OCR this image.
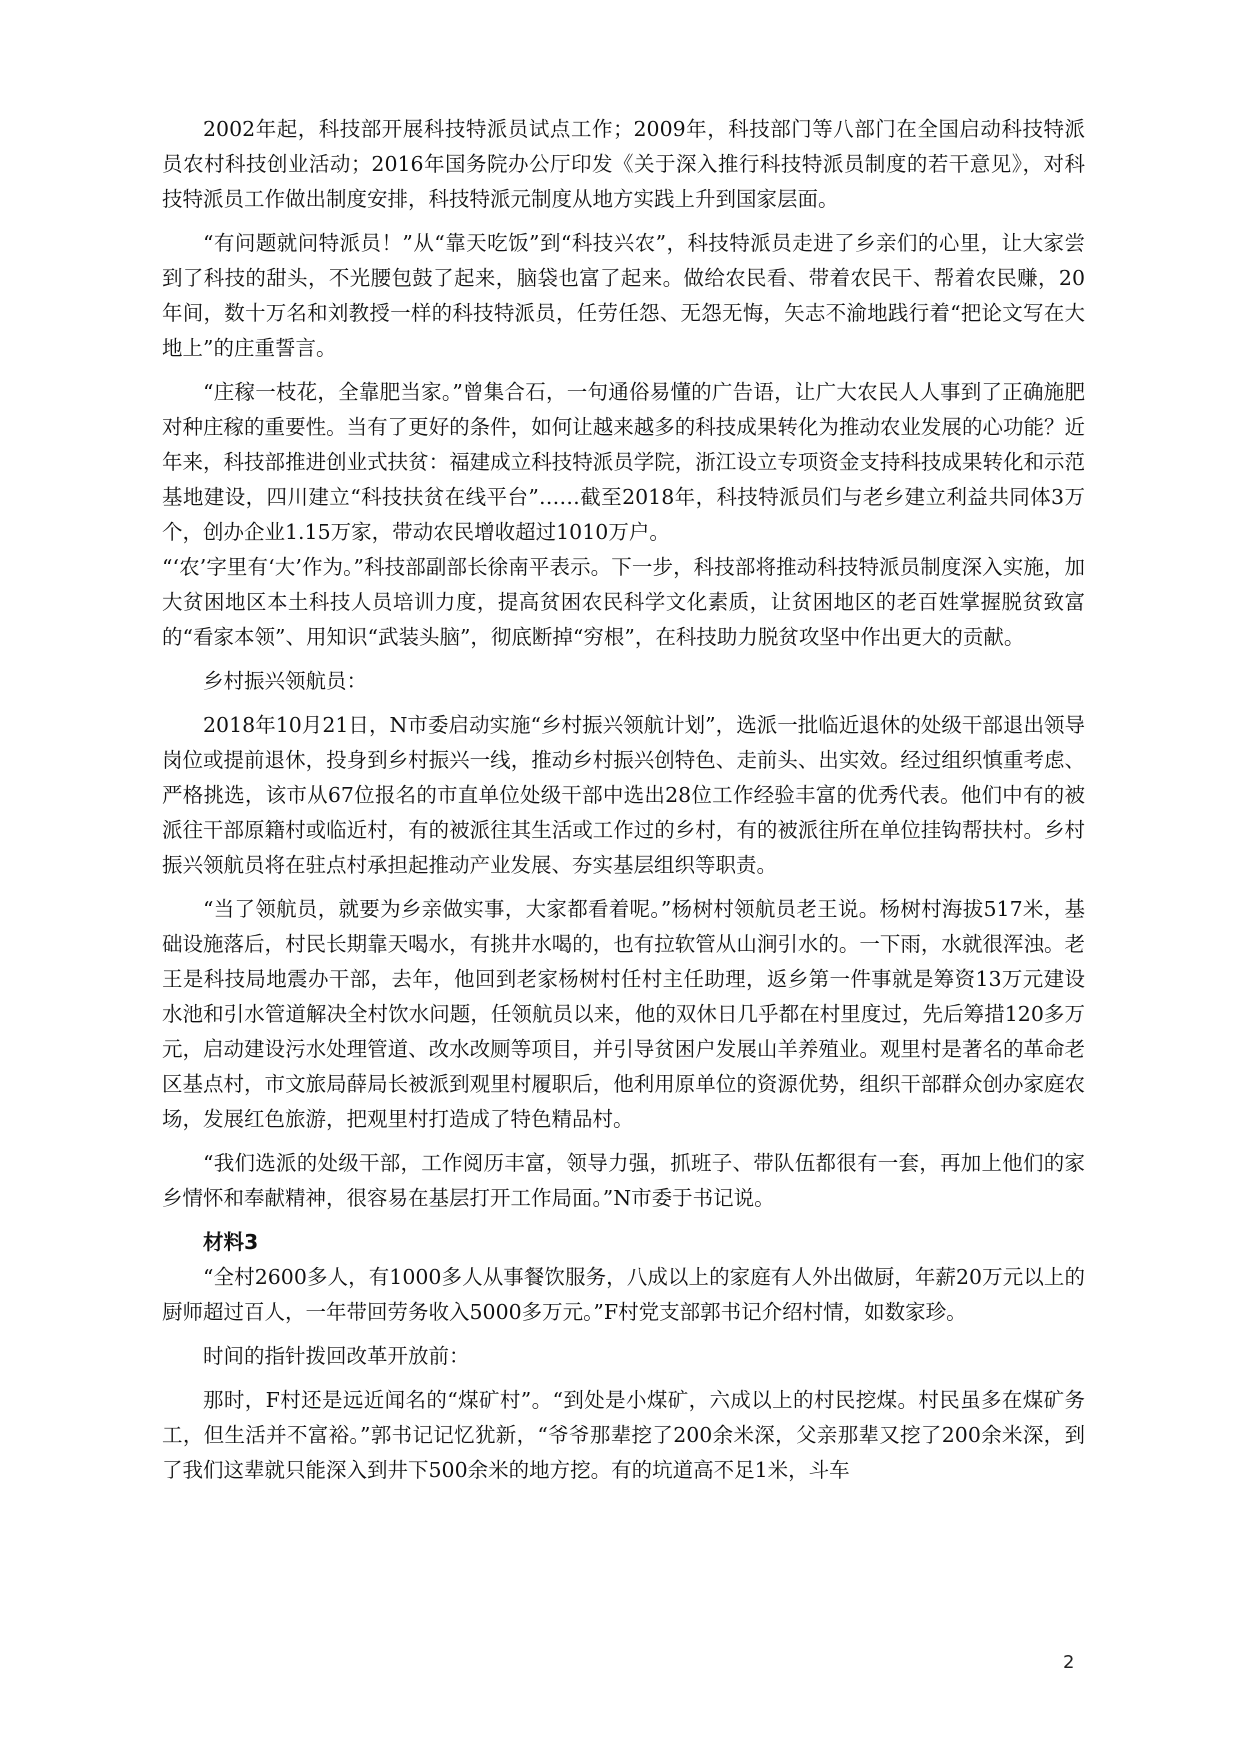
2002年起，科技部开展科技特派员试点工作；2009年，科技部门等八部门在全国启动科技特派员农村科技创业活动；2016年国务院办公厅印发《关于深入推行科技特派员制度的若干意见》，对科技特派员工作做出制度安排，科技特派元制度从地方实践上升到国家层面。

“有问题就问特派员！”从“靠天吃饭”到“科技兴农”，科技特派员走进了乡亲们的心里，让大家尝到了科技的甜头，不光腰包鼓了起来，脑袋也富了起来。做给农民看、带着农民干、帮着农民赚，20年间，数十万名和刘教授一样的科技特派员，任劳任怨、无怨无悔，矢志不渝地践行着“把论文写在大地上”的庄重誓言。

“庄稼一枝花，全靠肥当家。”曾集合石，一句通俗易懂的广告语，让广大农民人人事到了正确施肥对种庄稼的重要性。当有了更好的条件，如何让越来越多的科技成果转化为推动农业发展的心功能？近年来，科技部推进创业式扶贫：福建成立科技特派员学院，浙江设立专项资金支持科技成果转化和示范基地建设，四川建立“科技扶贫在线平台”……截至2018年，科技特派员们与老乡建立利益共同体3万个，创办企业1.15万家，带动农民增收超过1010万户。

“‘农’字里有‘大’作为。”科技部副部长徐南平表示。下一步，科技部将推动科技特派员制度深入实施，加大贫困地区本土科技人员培训力度，提高贫困农民科学文化素质，让贫困地区的老百姓掌握脱贫致富的“看家本领”、用知识“武装头脑”，彻底断掉“穷根”，在科技助力脱贫攻坚中作出更大的贡献。

乡村振兴领航员：

2018年10月21日，N市委启动实施“乡村振兴领航计划”，选派一批临近退休的处级干部退出领导岗位或提前退休，投身到乡村振兴一线，推动乡村振兴创特色、走前头、出实效。经过组织慎重考虑、严格挑选，该市从67位报名的市直单位处级干部中选出28位工作经验丰富的优秀代表。他们中有的被派往干部原籍村或临近村，有的被派往其生活或工作过的乡村，有的被派往所在单位挂钩帮扶村。乡村振兴领航员将在驻点村承担起推动产业发展、夯实基层组织等职责。

“当了领航员，就要为乡亲做实事，大家都看着呢。”杨树村领航员老王说。杨树村海拔517米，基础设施落后，村民长期靠天喝水，有挑井水喝的，也有拉软管从山涧引水的。一下雨，水就很浑浊。老王是科技局地震办干部，去年，他回到老家杨树村任村主任助理，返乡第一件事就是筹资13万元建设水池和引水管道解决全村饮水问题，任领航员以来，他的双休日几乎都在村里度过，先后筹措120多万元，启动建设污水处理管道、改水改厕等项目，并引导贫困户发展山羊养殖业。观里村是著名的革命老区基点村，市文旅局薛局长被派到观里村履职后，他利用原单位的资源优势，组织干部群众创办家庭农场，发展红色旅游，把观里村打造成了特色精品村。

“我们选派的处级干部，工作阅历丰富，领导力强，抓班子、带队伍都很有一套，再加上他们的家乡情怀和奉献精神，很容易在基层打开工作局面。”N市委于书记说。

材料3

“全村2600多人，有1000多人从事餐饮服务，八成以上的家庭有人外出做厨，年薪20万元以上的厨师超过百人，一年带回劳务收入5000多万元。”F村党支部郭书记介绍村情，如数家珍。

时间的指针拨回改革开放前：

那时，F村还是远近闻名的“煤矿村”。“到处是小煤矿，六成以上的村民挖煤。村民虽多在煤矿务工，但生活并不富裕。”郭书记记忆犹新，“爷爷那辈挖了200余米深，父亲那辈又挖了200余米深，到了我们这辈就只能深入到井下500余米的地方挖。有的坑道高不足1米，斗车

2
